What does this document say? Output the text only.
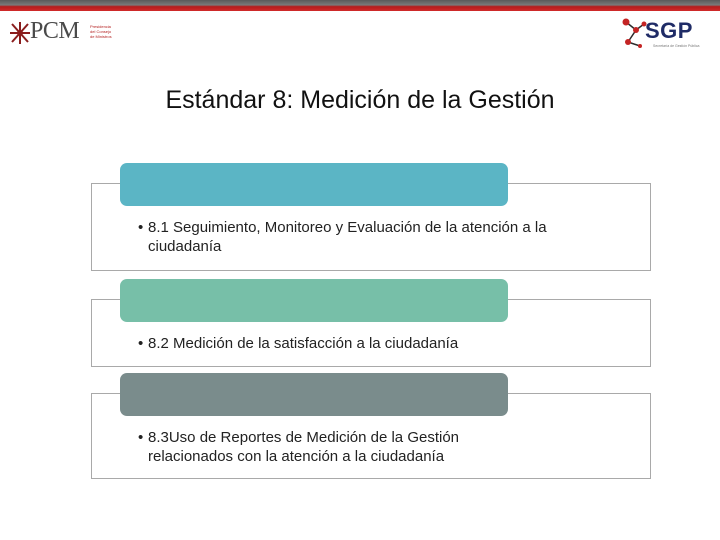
PCM	Presidencia del Consejo de Ministros	SGP
Secretaría de Gestión Pública
Estándar 8: Medición de la Gestión
• 8.1 Seguimiento, Monitoreo y Evaluación de la atención a la ciudadanía
• 8.2 Medición de la satisfacción a la ciudadanía
• 8.3Uso de Reportes de Medición de la Gestión relacionados con la atención a la ciudadanía
